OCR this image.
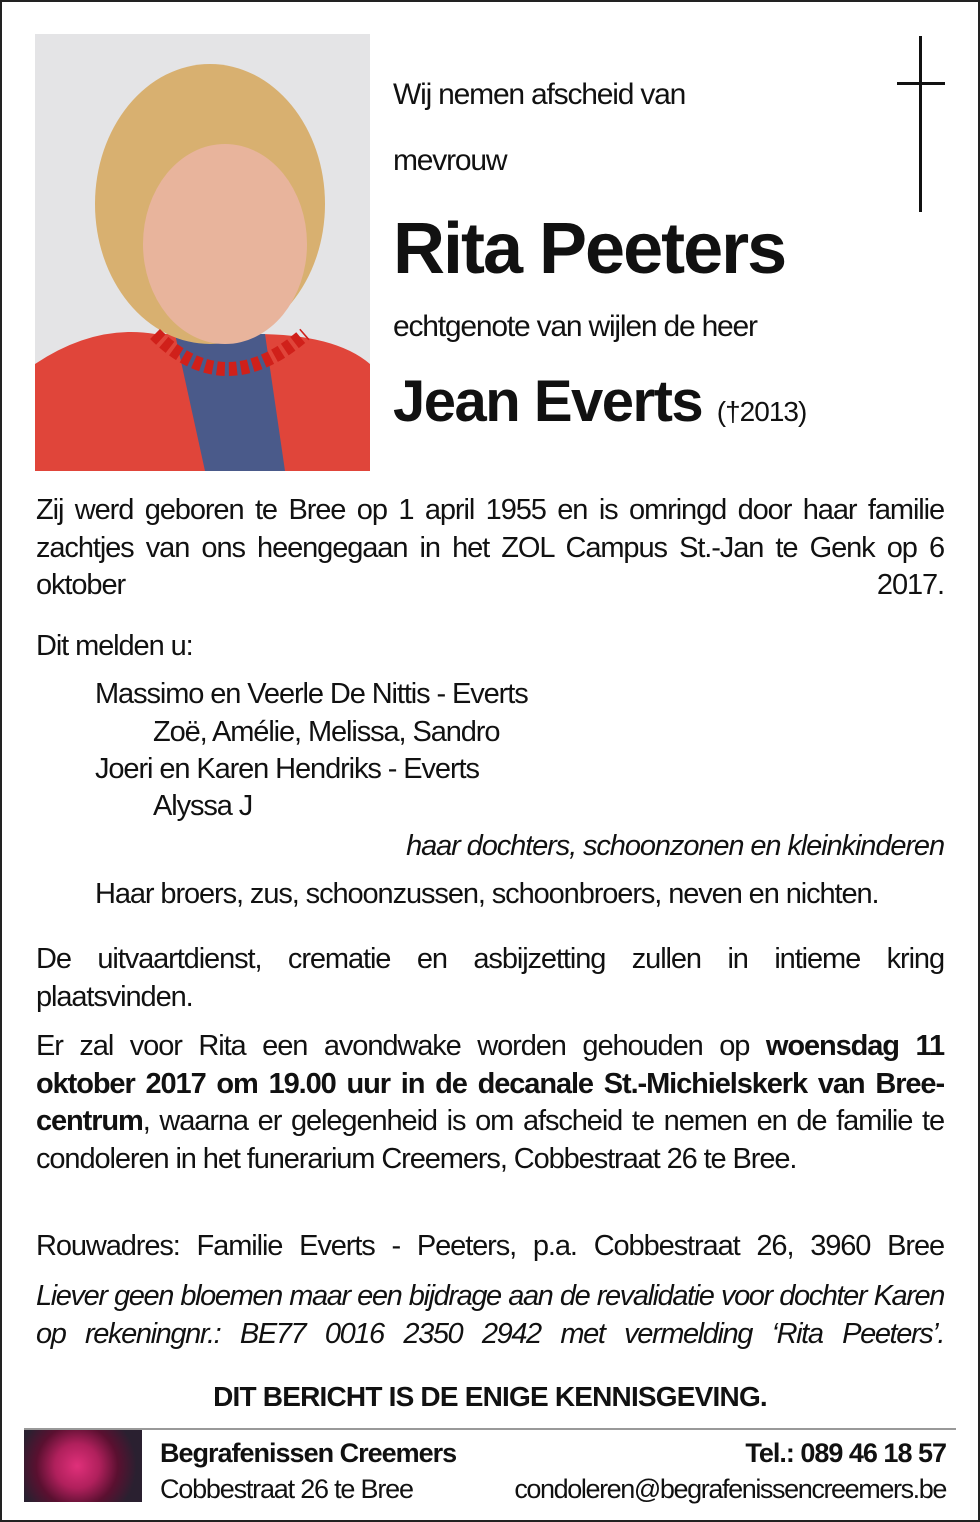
Wij nemen afscheid van
mevrouw
Rita Peeters
echtgenote van wijlen de heer
Jean Everts (†2013)
Zij werd geboren te Bree op 1 april 1955 en is omringd door haar familie zachtjes van ons heengegaan in het ZOL Campus St.-Jan te Genk op 6 oktober 2017.
Dit melden u:
Massimo en Veerle De Nittis - Everts
Zoë, Amélie, Melissa, Sandro
Joeri en Karen Hendriks - Everts
Alyssa J
haar dochters, schoonzonen en kleinkinderen
Haar broers, zus, schoonzussen, schoonbroers, neven en nichten.
De uitvaartdienst, crematie en asbijzetting zullen in intieme kring plaatsvinden.
Er zal voor Rita een avondwake worden gehouden op woensdag 11 oktober 2017 om 19.00 uur in de decanale St.-Michielskerk van Bree-centrum, waarna er gelegenheid is om afscheid te nemen en de familie te condoleren in het funerarium Creemers, Cobbestraat 26 te Bree.
Rouwadres: Familie Everts - Peeters, p.a. Cobbestraat 26, 3960 Bree
Liever geen bloemen maar een bijdrage aan de revalidatie voor dochter Karen op rekeningnr.: BE77 0016 2350 2942 met vermelding ‘Rita Peeters’.
DIT BERICHT IS DE ENIGE KENNISGEVING.
Begrafenissen Creemers
Cobbestraat 26 te Bree
Tel.: 089 46 18 57
condoleren@begrafenissencreemers.be
